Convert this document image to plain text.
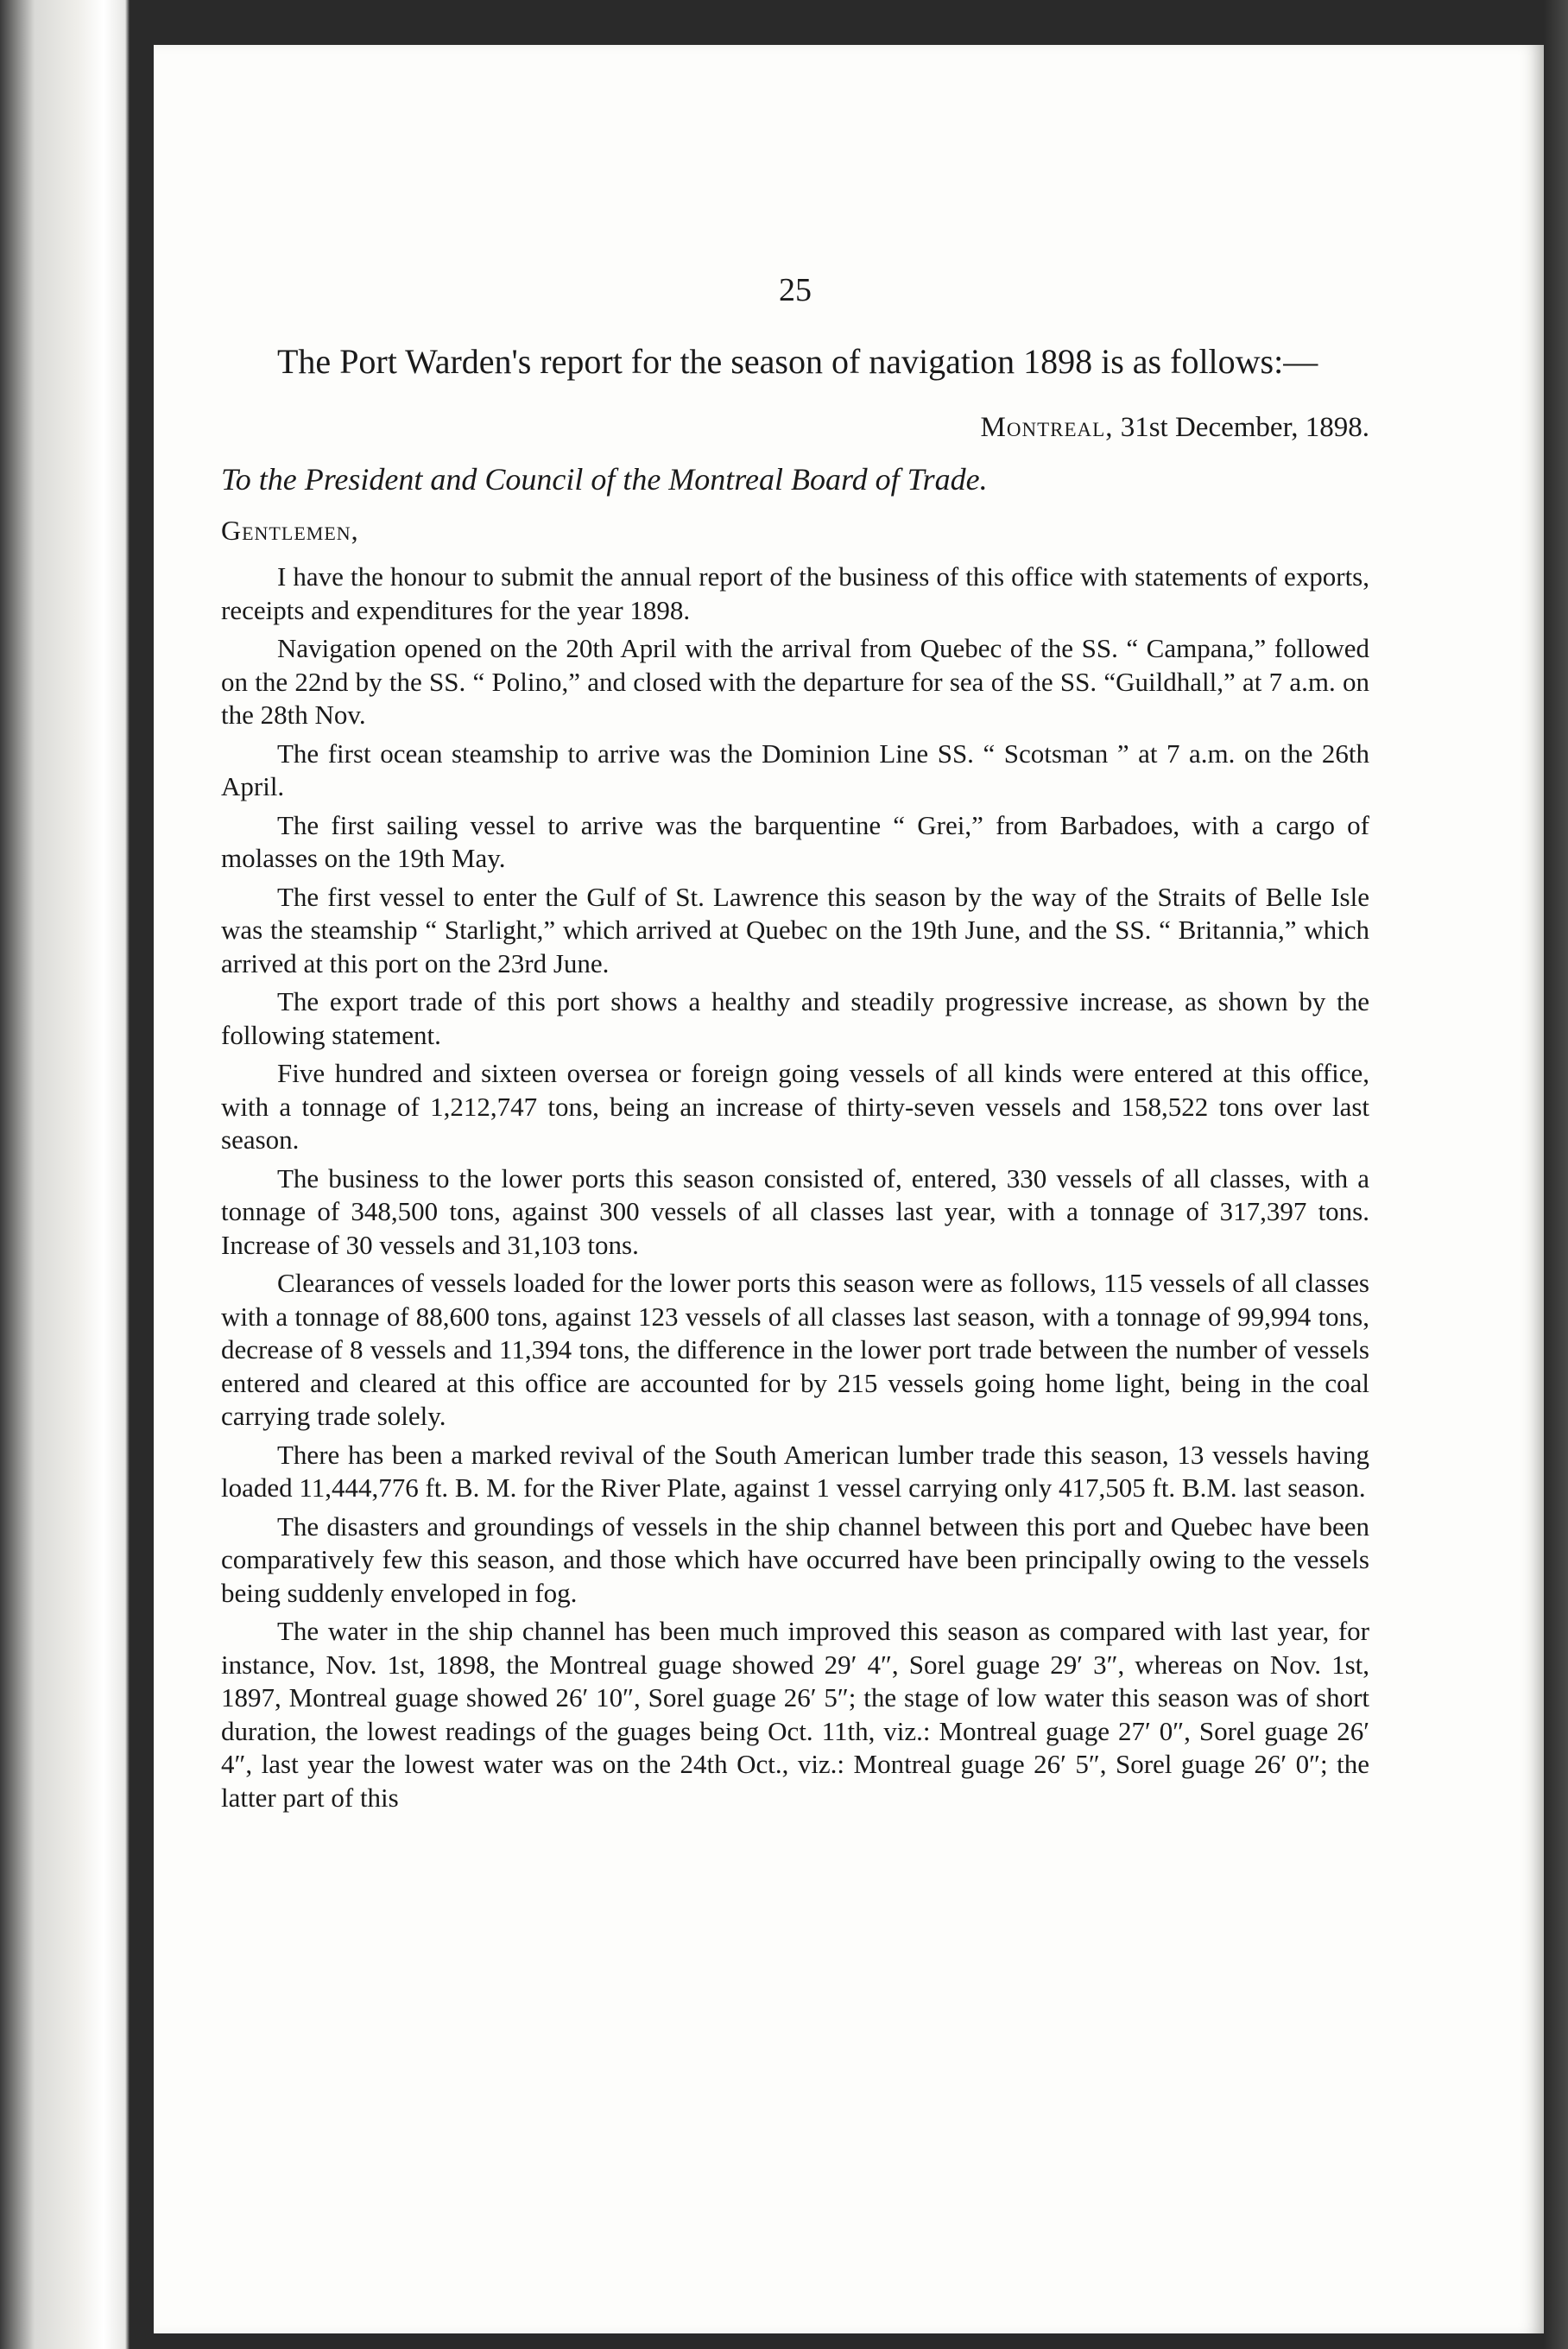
25

The Port Warden's report for the season of navigation 1898 is as follows:—

Montreal, 31st December, 1898.

To the President and Council of the Montreal Board of Trade.

Gentlemen,

I have the honour to submit the annual report of the business of this office with statements of exports, receipts and expenditures for the year 1898.

Navigation opened on the 20th April with the arrival from Quebec of the SS. “ Campana,” followed on the 22nd by the SS. “ Polino,” and closed with the departure for sea of the SS. “Guildhall,” at 7 a.m. on the 28th Nov.

The first ocean steamship to arrive was the Dominion Line SS. “ Scotsman ” at 7 a.m. on the 26th April.

The first sailing vessel to arrive was the barquentine “ Grei,” from Barbadoes, with a cargo of molasses on the 19th May.

The first vessel to enter the Gulf of St. Lawrence this season by the way of the Straits of Belle Isle was the steamship “ Starlight,” which arrived at Quebec on the 19th June, and the SS. “ Britannia,” which arrived at this port on the 23rd June.

The export trade of this port shows a healthy and steadily progressive increase, as shown by the following statement.

Five hundred and sixteen oversea or foreign going vessels of all kinds were entered at this office, with a tonnage of 1,212,747 tons, being an increase of thirty-seven vessels and 158,522 tons over last season.

The business to the lower ports this season consisted of, entered, 330 vessels of all classes, with a tonnage of 348,500 tons, against 300 vessels of all classes last year, with a tonnage of 317,397 tons. Increase of 30 vessels and 31,103 tons.

Clearances of vessels loaded for the lower ports this season were as follows, 115 vessels of all classes with a tonnage of 88,600 tons, against 123 vessels of all classes last season, with a tonnage of 99,994 tons, decrease of 8 vessels and 11,394 tons, the difference in the lower port trade between the number of vessels entered and cleared at this office are accounted for by 215 vessels going home light, being in the coal carrying trade solely.

There has been a marked revival of the South American lumber trade this season, 13 vessels having loaded 11,444,776 ft. B. M. for the River Plate, against 1 vessel carrying only 417,505 ft. B.M. last season.

The disasters and groundings of vessels in the ship channel between this port and Quebec have been comparatively few this season, and those which have occurred have been principally owing to the vessels being suddenly enveloped in fog.

The water in the ship channel has been much improved this season as compared with last year, for instance, Nov. 1st, 1898, the Montreal guage showed 29′ 4″, Sorel guage 29′ 3″, whereas on Nov. 1st, 1897, Montreal guage showed 26′ 10″, Sorel guage 26′ 5″; the stage of low water this season was of short duration, the lowest readings of the guages being Oct. 11th, viz.: Montreal guage 27′ 0″, Sorel guage 26′ 4″, last year the lowest water was on the 24th Oct., viz.: Montreal guage 26′ 5″, Sorel guage 26′ 0″; the latter part of this
